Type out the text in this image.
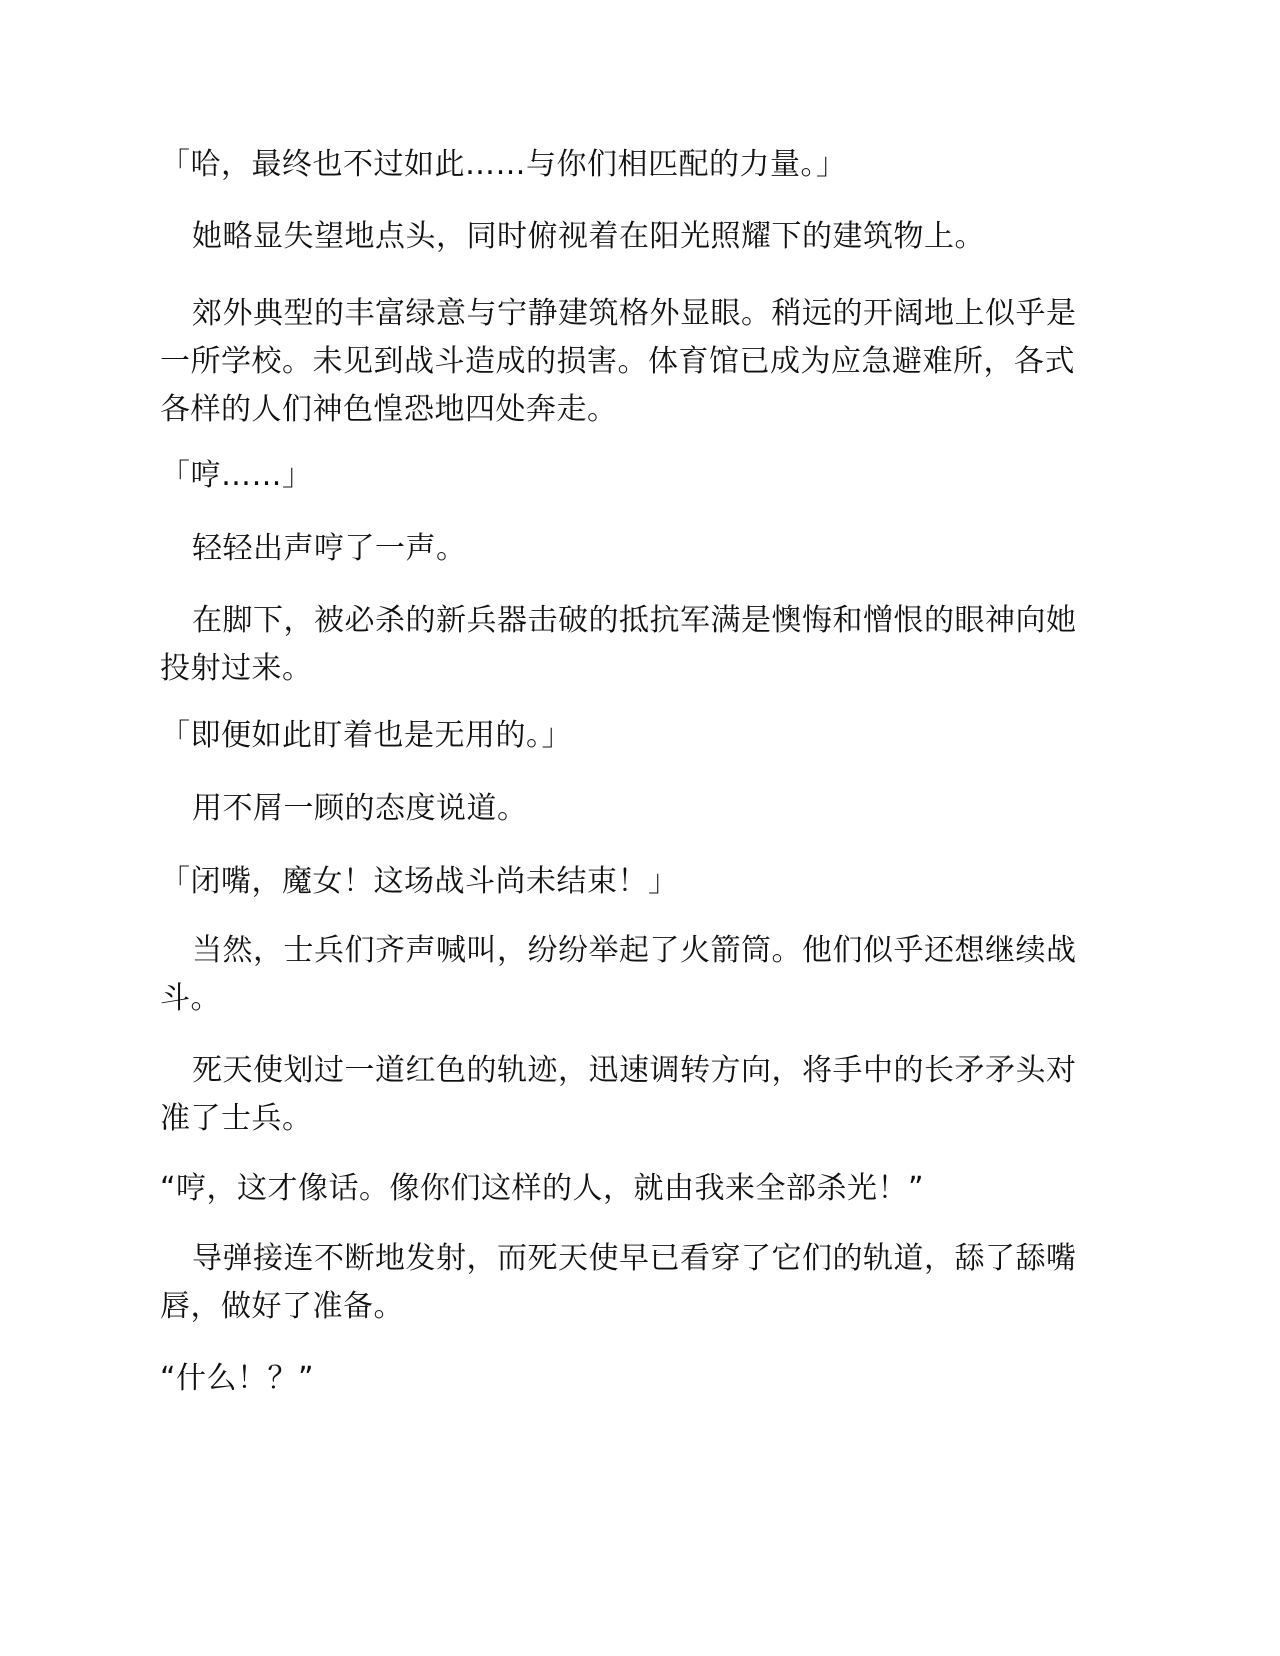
「哈，最终也不过如此……与你们相匹配的力量。」

她略显失望地点头，同时俯视着在阳光照耀下的建筑物上。

郊外典型的丰富绿意与宁静建筑格外显眼。稍远的开阔地上似乎是一所学校。未见到战斗造成的损害。体育馆已成为应急避难所，各式各样的人们神色惶恐地四处奔走。

「哼……」

轻轻出声哼了一声。

在脚下，被必杀的新兵器击破的抵抗军满是懊悔和憎恨的眼神向她投射过来。

「即便如此盯着也是无用的。」

用不屑一顾的态度说道。

「闭嘴，魔女！这场战斗尚未结束！」

当然，士兵们齐声喊叫，纷纷举起了火箭筒。他们似乎还想继续战斗。

死天使划过一道红色的轨迹，迅速调转方向，将手中的长矛矛头对准了士兵。

“哼，这才像话。像你们这样的人，就由我来全部杀光！”

导弹接连不断地发射，而死天使早已看穿了它们的轨道，舔了舔嘴唇，做好了准备。

“什么！？”
